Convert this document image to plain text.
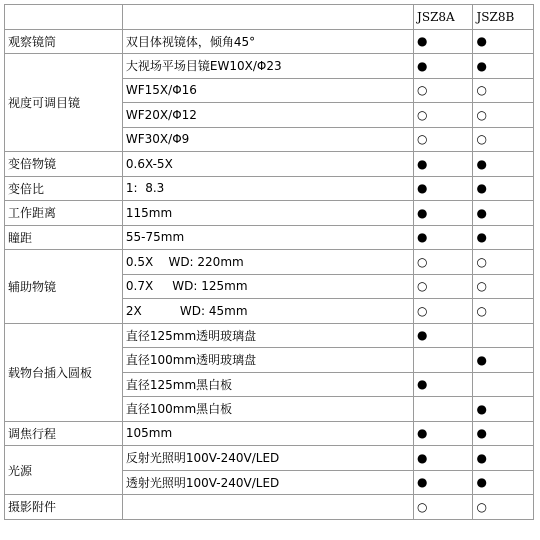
		JSZ8A	JSZ8B
观察镜筒	双目体视镜体，倾角45°	●	●
视度可调目镜	大视场平场目镜EW10X/Φ23	●	●
	WF15X/Φ16	○	○
	WF20X/Φ12	○	○
	WF30X/Φ9	○	○
变倍物镜	0.6X-5X	●	●
变倍比	1:  8.3	●	●
工作距离	115mm	●	●
瞳距	55-75mm	●	●
辅助物镜	0.5X    WD: 220mm	○	○
	0.7X     WD: 125mm	○	○
	2X          WD: 45mm	○	○
载物台插入圆板	直径125mm透明玻璃盘	●	
	直径100mm透明玻璃盘		●
	直径125mm黑白板	●	
	直径100mm黑白板		●
调焦行程	105mm	●	●
光源	反射光照明100V-240V/LED	●	●
	透射光照明100V-240V/LED	●	●
摄影附件		○	○
